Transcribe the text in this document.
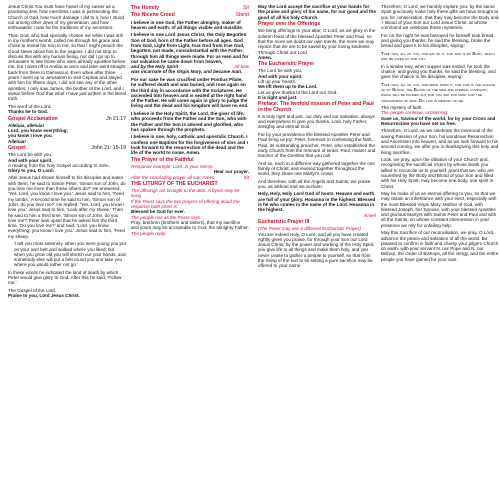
Jesus Christ.You must have heard of my career as a practising Jew, how merciless I was in persecuting the Church of God, how much damage I did to it, how I stood out among other Jews of my generation, and how enthusiastic I was for the traditions of my ancestors.

Then God, who had specially chosen me while I was still in my mother's womb, called me through his grace and chose to reveal his Son to me, so that I might preach the Good News about him to the pagans. I did not stop to discuss this with any human being, nor did I go up to Jerusalem to see those who were already apostles before me, but I went off to Arabia at once and later went straight back from there to Damascus. Even when after three years I went up to Jerusalem to visit Cephas and stayed with him for fifteen days, I did not see any of the other apostles; I only saw James, the brother of the Lord, and I swear before God that what I have just written is the literal truth.

The word of the Lord.

Thanks be to God.

Gospel Acclamation	Jn 21:17
Alleluia, alleluia!
Lord, you know everything;
you know I love you.
Alleluia!
Gospel	John 21: 15-19
The Lord be with you.
And with your spirit.
A reading from the holy Gospel according to John.
Glory to you, O Lord.

After Jesus had shown himself to his disciples and eaten with them, he said to Simon Peter, 'Simon son of John, do you love me more than these others do?' He answered, 'Yes, Lord, you know I love you.' Jesus said to him, 'Feed my lambs.' A second time he said to him, 'Simon son of John, do you love me?' He replied, 'Yes, Lord, you know I love you.' Jesus said to him, 'Look after my sheep.' Then he said to him a third time, 'Simon son of John, do you love me?' Peter was upset that he asked him the third time, 'Do you love me?' and said, 'Lord, you know everything; you know I love you.' Jesus said to him, 'Feed my sheep.

'I tell you most solemnly, when you were young you put on your own belt and walked where you liked; but when you grow old you will stretch out your hands, and somebody else will put a belt round you and take you where you would rather not go.'

In these words he indicated the kind of death by which Peter would give glory to God. After this he said, 'Follow me.'

The Gospel of the Lord.
Praise to you, Lord Jesus Christ.
The Homily	Sit
The Nicene Creed	Stand

I believe in one God, the Father almighty, maker of heaven and earth, of all things visible and invisible.

I believe in one Lord Jesus Christ, the Only Begotten Son of God, born of the Father before all ages. God from God, Light from Light, true God from true God, begotten, not made, consubstantial with the Father; through him all things were made. For us men and for our salvation he came down from heaven,

and by the Holy Spirit	All bow

was incarnate of the Virgin Mary, and became man.

For our sake he was crucified under Pontius Pilate, he suffered death and was buried, and rose again on the third day in accordance with the Scriptures. He ascended into heaven and is seated at the right hand of the Father. He will come again in glory to judge the living and the dead and his kingdom will have no end.

I believe in the Holy Spirit, the Lord, the giver of life, who proceeds from the Father and the Son, who with the Father and the Son is adored and glorified, who has spoken through the prophets.

I believe in one, holy, catholic and apostolic Church. I confess one Baptism for the forgiveness of sins and I look forward to the resurrection of the dead and the life of the world to come. Amen.

The Prayer of the Faithful
Response example: Lord, in your mercy.
Hear our prayer.
After the concluding prayer all say: Amen.	Sit
THE LITURGY OF THE EUCHARIST
The offerings are brought to the altar. A hymn may be sung.
If the Priest says the two prayers of offering aloud the response both times is:
Blessed be God for ever.
The people rise as the Priest says:
Pray, brethren (brothers and sisters), that my sacrifice and yours may be acceptable to God, the almighty Father.
The people reply:

May the Lord accept the sacrifice at your hands for the praise and glory of his name, for our good and the good of all his holy Church.

Prayer over the Offerings
We bring offerings to your altar, O Lord, as we glory in the solemn feast of the blessed Apostles Peter and Paul, so that the more we doubt our own merits, the more we may rejoice that we are to be saved by your loving kindness. Through Christ our Lord.
Amen.
The Eucharistic Prayer
The Lord be with you.
And with your spirit.
Lift up your hearts.
We lift them up to the Lord.
Let us give thanks to the Lord our God.
It is right and just.
Preface: The twofold mission of Peter and Paul in the Church

It is truly right and just, our duty and our salvation, always and everywhere to give you thanks, Lord, holy Father, almighty and eternal God.

For by your providence the blessed Apostles Peter and Paul bring us joy: Peter, foremost in confessing the faith, Paul, its outstanding preacher, Peter, who established the early Church from the remnant of Israel, Paul, master and teacher of the Gentiles that you call.

And so, each in a different way gathered together the one family of Christ; and revered together throughout the world, they share one Martyr's crown.

And therefore, with all the Angels and Saints, we praise you, as without end we acclaim:

Holy, Holy, Holy Lord God of hosts. Heaven and earth are full of your glory. Hosanna in the highest. Blessed is he who comes in the name of the Lord. Hosanna in the highest.

Kneel
Eucharistic Prayer III
(The Priest may use a different Eucharistic Prayer)

You are indeed Holy, O Lord, and all you have created rightly gives you praise, for through your Son our Lord Jesus Christ, by the power and working of the Holy Spirit, you give life to all things and make them holy, and you never cease to gather a people to yourself, so that from the rising of the sun to its setting a pure sacrifice may be offered to your name.

Therefore, O Lord, we humbly implore you: by the same Spirit graciously make holy these gifts we have brought to you for consecration, that they may become the Body and + Blood of your Son our Lord Jesus Christ, at whose command we celebrate these mysteries.

For on the night he was betrayed he himself took bread, and giving you thanks, he said the blessing, broke the bread and gave it to his disciples, saying:

Take this, all of you, and eat of it, for this is my Body, which will be given up for you.

In a similar way, when supper was ended, he took the chalice, and giving you thanks, he said the blessing, and gave the chalice to his disciples, saying:

Take this, all of you, and drink from it, for this is the chalice of my Blood, the Blood of the new and eternal covenant, which will be poured out for you and for many for the forgiveness of sins. Do this in memory of me.

The mystery of faith.
The people continue, acclaiming:

Save us, Saviour of the world, for by your Cross and Resurrection you have set us free.

Therefore, O Lord, as we celebrate the memorial of the saving Passion of your Son, his wondrous Resurrection and Ascension into heaven, and as we look forward to his second coming, we offer you in thanksgiving this holy and living sacrifice.

Look, we pray, upon the oblation of your Church and, recognising the sacrificial Victim by whose death you willed to reconcile us to yourself, grant that we, who are nourished by the Body and Blood of your Son and filled with his Holy Spirit, may become one body, one spirit in Christ.

May he make of us an eternal offering to you, so that we may obtain an inheritance with your elect, especially with the most Blessed Virgin Mary, Mother of God, with blessed Joseph, her Spouse, with your blessed Apostles and glorious Martyrs with Saints Peter and Paul and with all the Saints, on whose constant intercession in your presence we rely for unfailing help.

May this Sacrifice of our reconciliation, we pray, O Lord, advance the peace and salvation of all the world. Be pleased to confirm in faith and charity your pilgrim Church on earth, with your servant N. our Pope and N. our Bishop, the Order of Bishops, all the clergy, and the entire people you have gained for your own.
